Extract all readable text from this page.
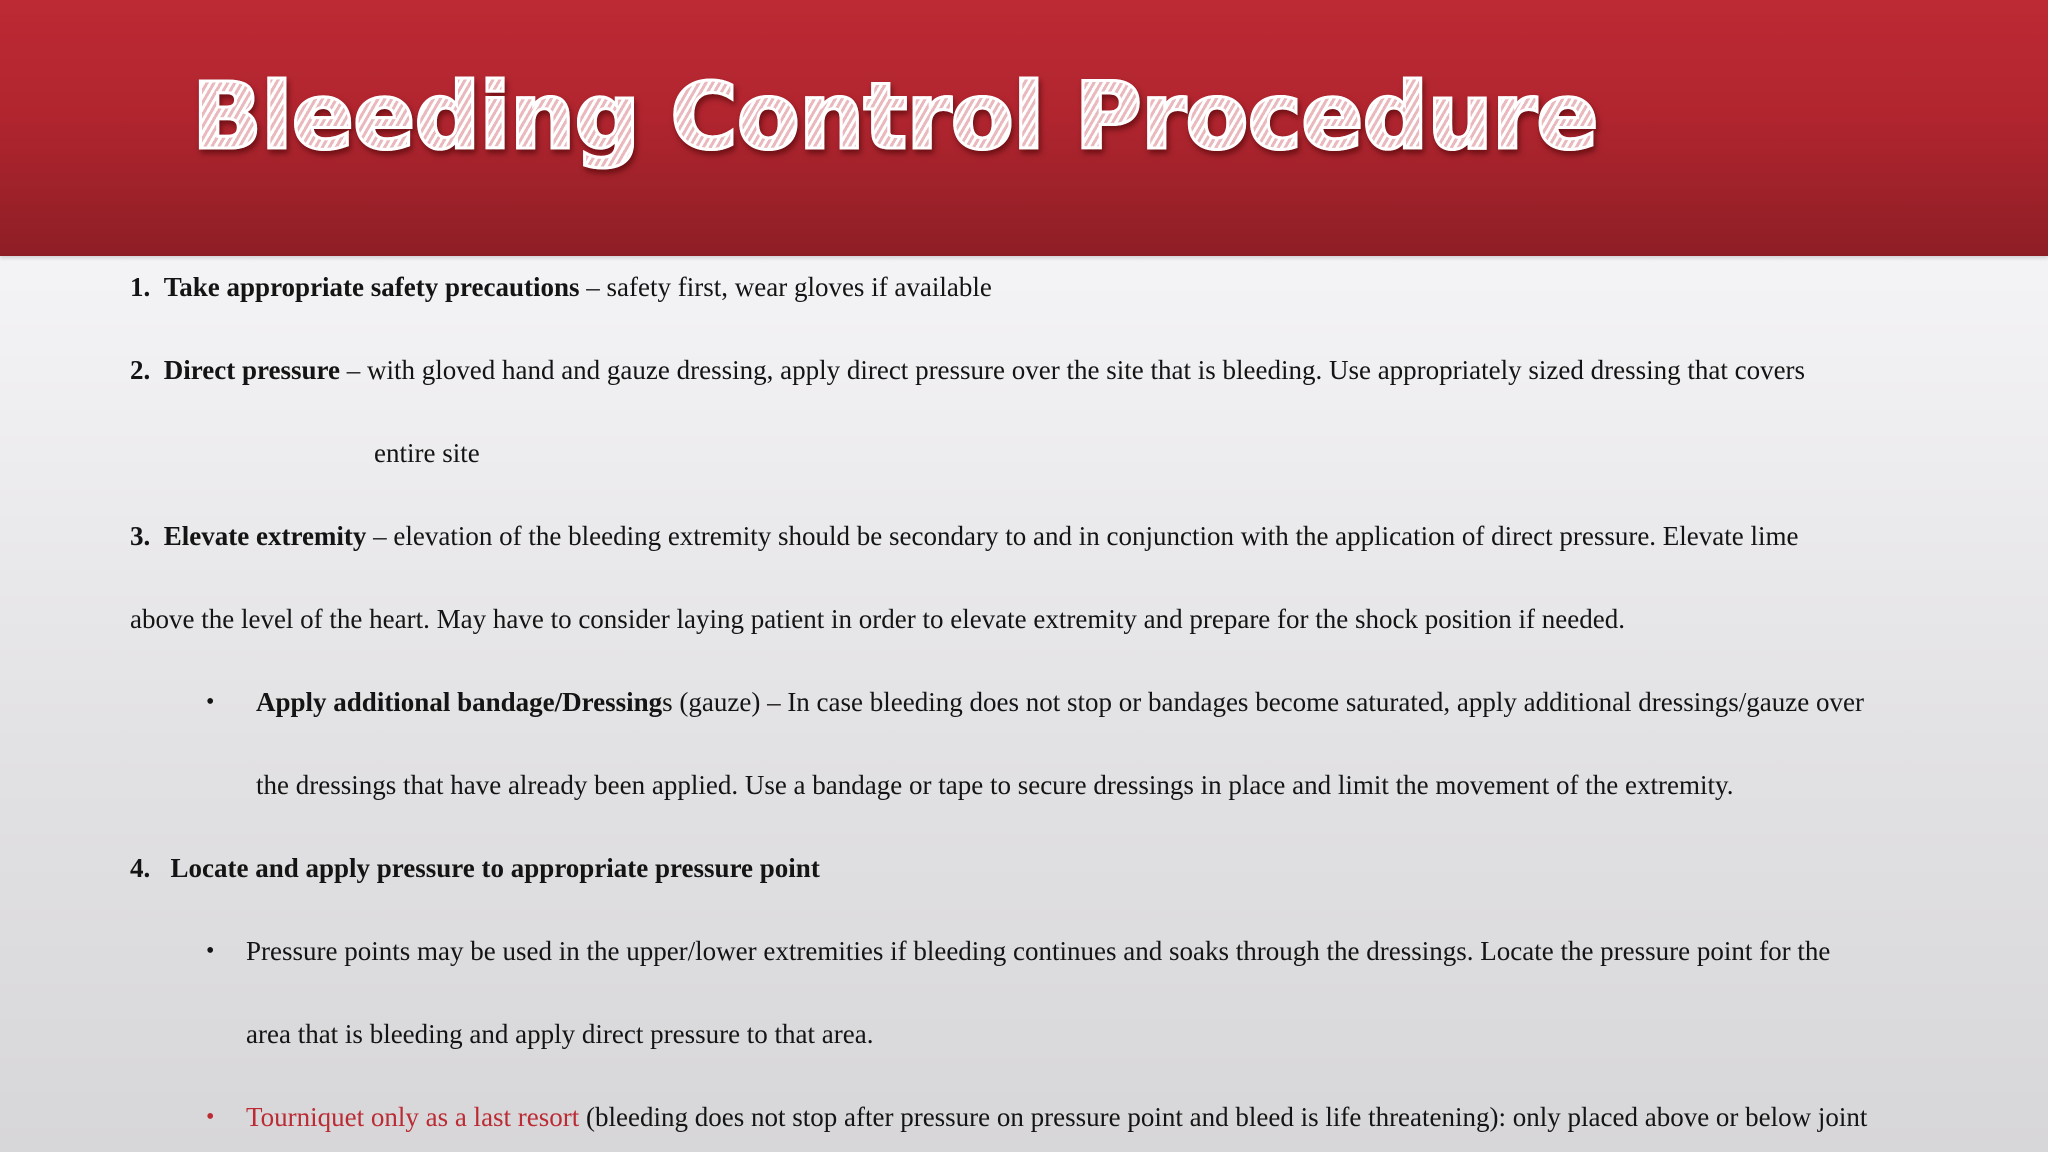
Bleeding Control Procedure
1. Take appropriate safety precautions – safety first, wear gloves if available
2. Direct pressure – with gloved hand and gauze dressing, apply direct pressure over the site that is bleeding. Use appropriately sized dressing that covers
entire site
3. Elevate extremity – elevation of the bleeding extremity should be secondary to and in conjunction with the application of direct pressure. Elevate lime
above the level of the heart. May have to consider laying patient in order to elevate extremity and prepare for the shock position if needed.
• Apply additional bandage/Dressings (gauze) – In case bleeding does not stop or bandages become saturated, apply additional dressings/gauze over
the dressings that have already been applied. Use a bandage or tape to secure dressings in place and limit the movement of the extremity.
4. Locate and apply pressure to appropriate pressure point
• Pressure points may be used in the upper/lower extremities if bleeding continues and soaks through the dressings. Locate the pressure point for the
area that is bleeding and apply direct pressure to that area.
• Tourniquet only as a last resort (bleeding does not stop after pressure on pressure point and bleed is life threatening): only placed above or below joint
